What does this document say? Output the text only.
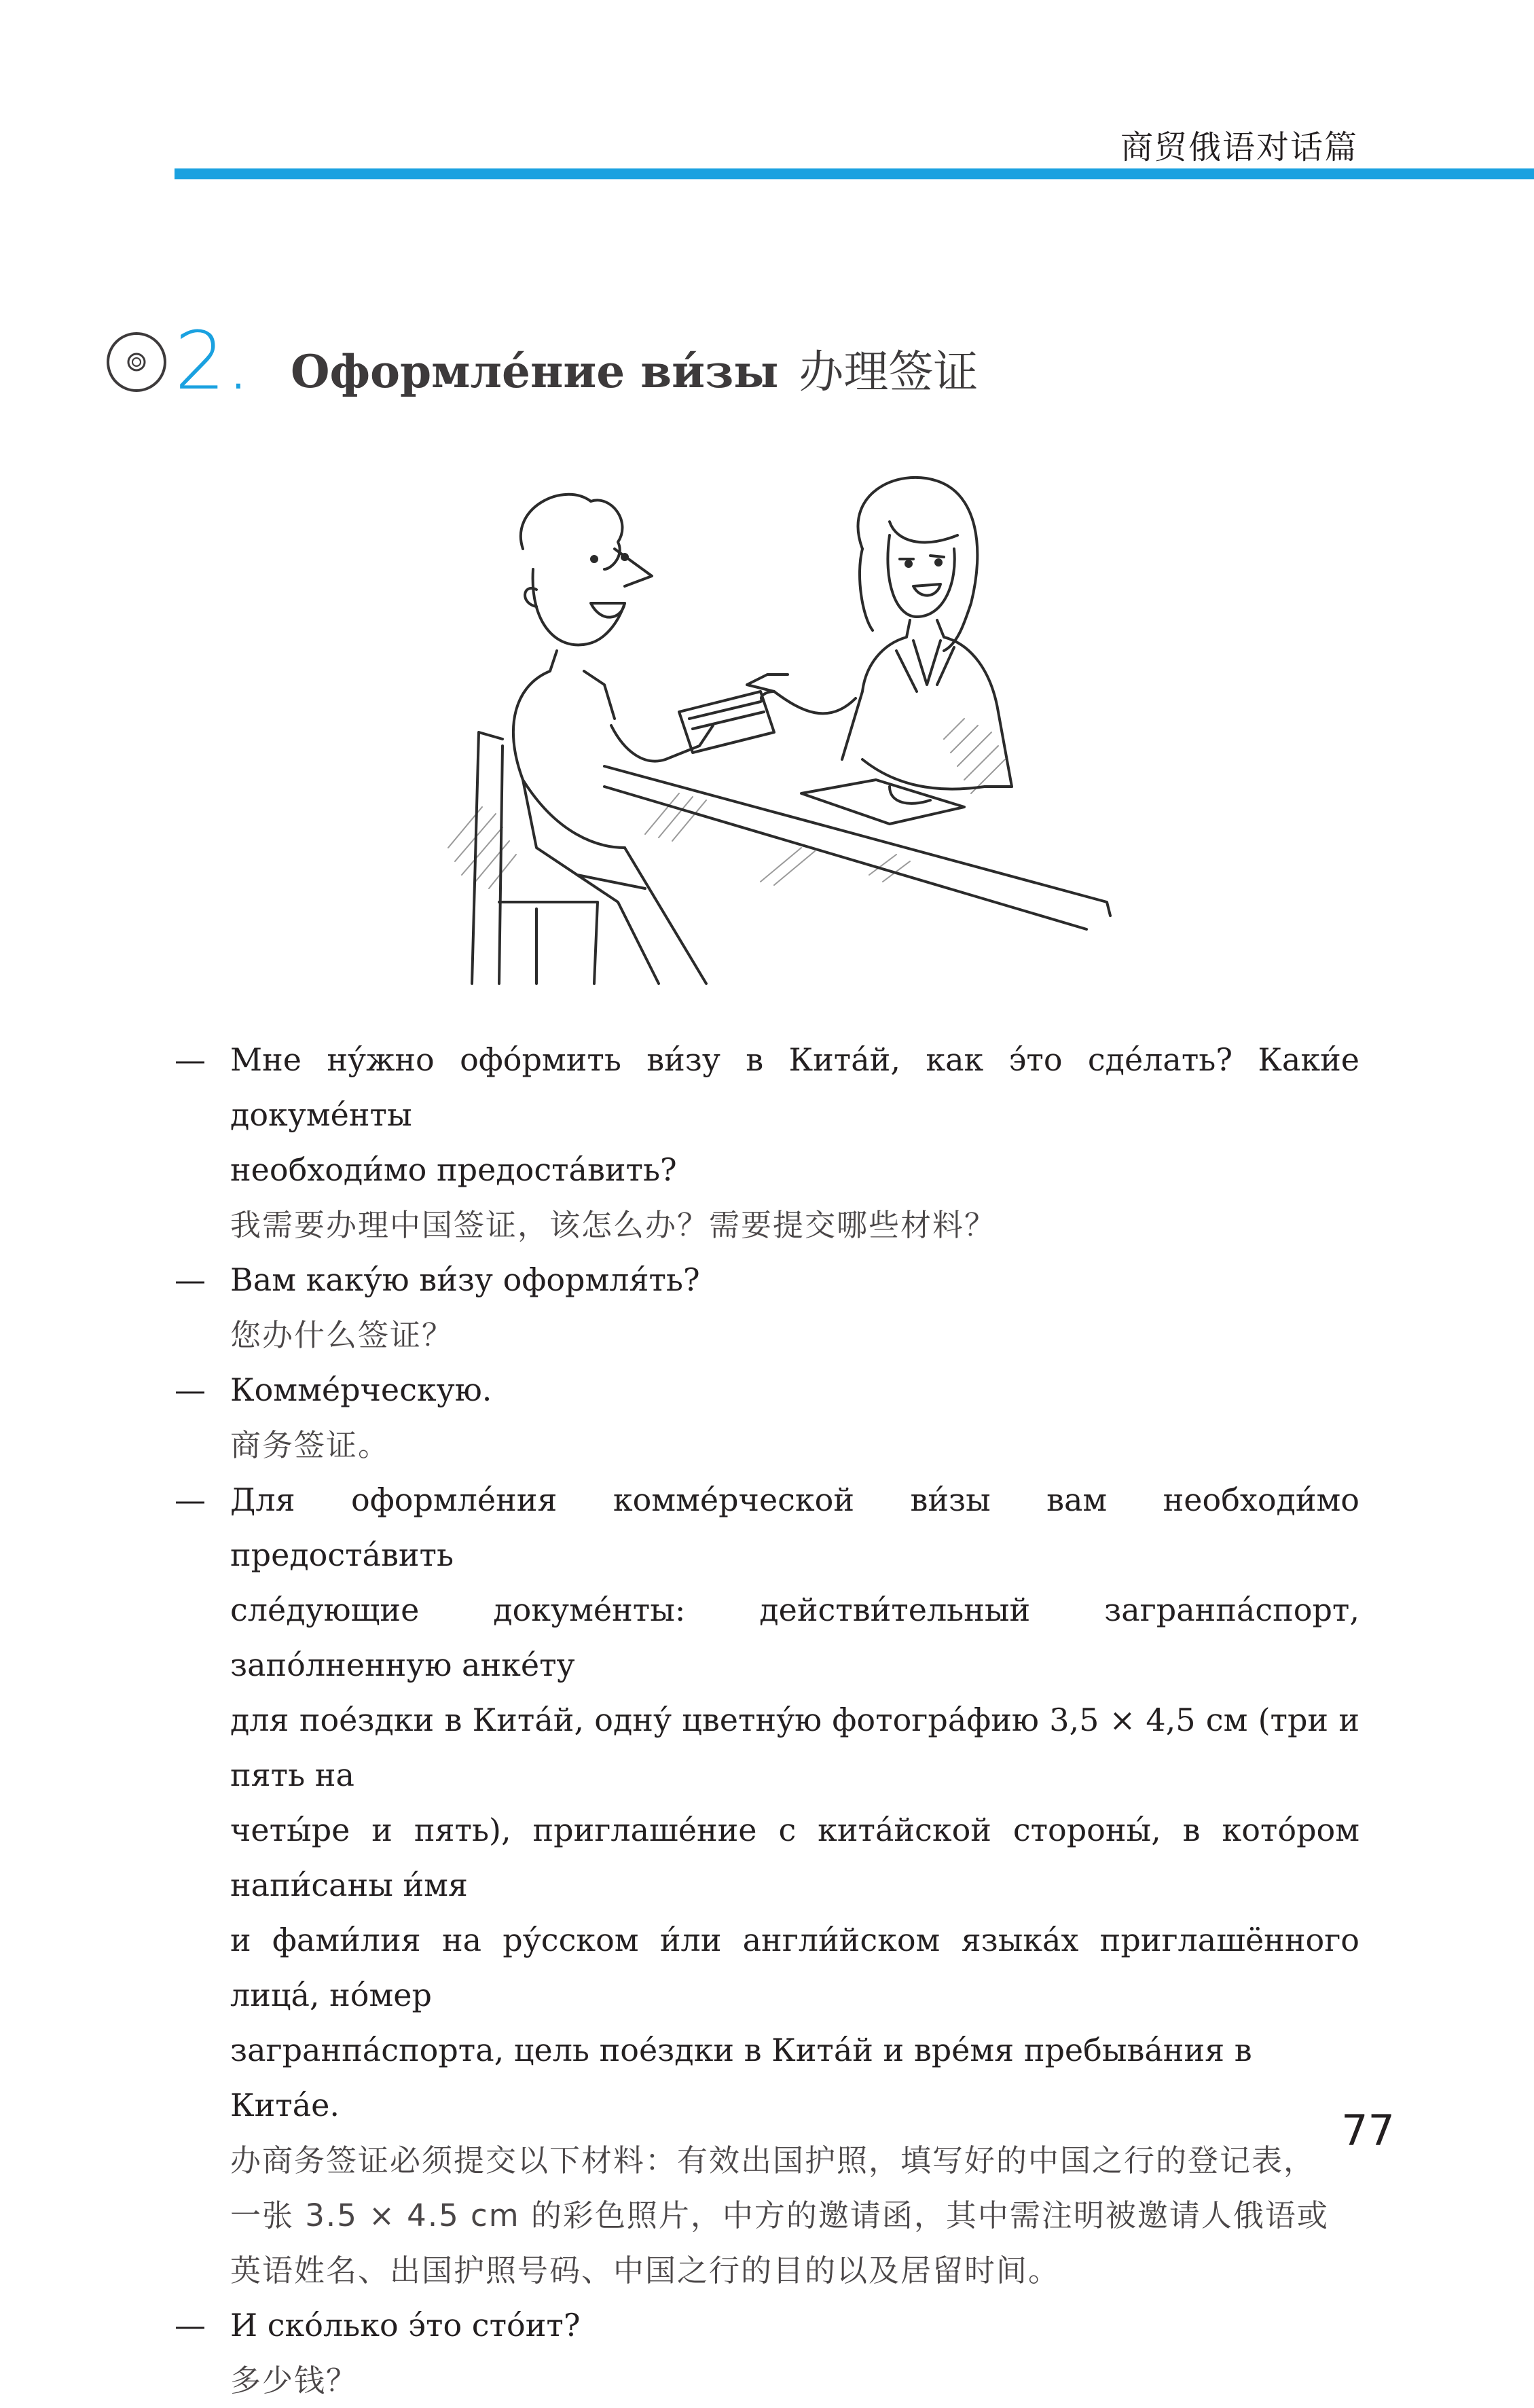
商贸俄语对话篇
2. Оформле́ние ви́зы 办理签证
— Мне ну́жно офо́рмить ви́зу в Кита́й, как э́то сде́лать? Каки́е докуме́нты
необходи́мо предоста́вить?
我需要办理中国签证，该怎么办？需要提交哪些材料？
— Вам каку́ю ви́зу оформля́ть?
您办什么签证？
— Комме́рческую.
商务签证。
— Для оформле́ния комме́рческой ви́зы вам необходи́мо предоста́вить
сле́дующие докуме́нты: действи́тельный загранпа́спорт, запо́лненную анке́ту
для пое́здки в Кита́й, одну́ цветну́ю фотогра́фию 3,5 × 4,5 см (три и пять на
четы́ре и пять), приглаше́ние с кита́йской стороны́, в кото́ром напи́саны и́мя
и фами́лия на ру́сском и́ли англи́йском языка́х приглашённого лица́, но́мер
загранпа́спорта, цель пое́здки в Кита́й и вре́мя пребыва́ния в Кита́е.
办商务签证必须提交以下材料：有效出国护照，填写好的中国之行的登记表，
一张 3.5 × 4.5 cm 的彩色照片，中方的邀请函，其中需注明被邀请人俄语或
英语姓名、出国护照号码、中国之行的目的以及居留时间。
— И ско́лько э́то сто́ит?
多少钱？
77
